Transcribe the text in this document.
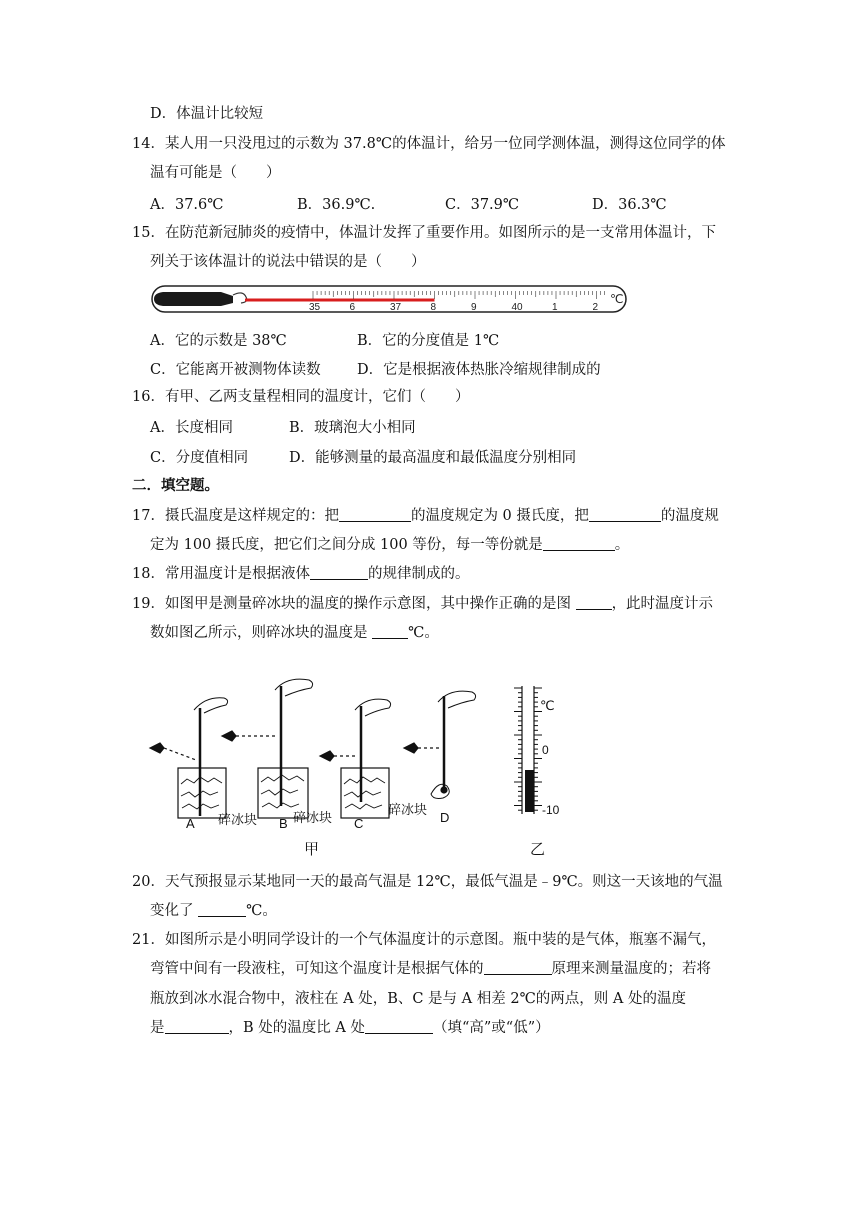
D．体温计比较短
14．某人用一只没甩过的示数为 37.8℃的体温计，给另一位同学测体温，测得这位同学的体
温有可能是（　　）
A．37.6℃	B．36.9℃.	C．37.9℃	D．36.3℃
15．在防范新冠肺炎的疫情中，体温计发挥了重要作用。如图所示的是一支常用体温计，下
列关于该体温计的说法中错误的是（　　）
35	6	37	8	9	40	1	2
℃
A．它的示数是 38℃	B．它的分度值是 1℃
C．它能离开被测物体读数	D．它是根据液体热胀冷缩规律制成的
16．有甲、乙两支量程相同的温度计，它们（　　）
A．长度相同	B．玻璃泡大小相同
C．分度值相同	D．能够测量的最高温度和最低温度分别相同
二．填空题。
17．摄氏温度是这样规定的：把	的温度规定为 0 摄氏度，把	的温度规
定为 100 摄氏度，把它们之间分成 100 等份，每一等份就是	。
18．常用温度计是根据液体	的规律制成的。
19．如图甲是测量碎冰块的温度的操作示意图，其中操作正确的是图 ，此时温度计示
数如图乙所示，则碎冰块的温度是 ℃。
A 碎冰块 B 碎冰块 C
碎冰块
D
甲
℃
0
-10
乙
20．天气预报显示某地同一天的最高气温是 12℃，最低气温是﹣9℃。则这一天该地的气温
变化了	℃。
21．如图所示是小明同学设计的一个气体温度计的示意图。瓶中装的是气体，瓶塞不漏气，
弯管中间有一段液柱，可知这个温度计是根据气体的	原理来测量温度的；若将
瓶放到冰水混合物中，液柱在 A 处，B、C 是与 A 相差 2℃的两点，则 A 处的温度
是	，B 处的温度比 A 处	（填“高”或“低”）
